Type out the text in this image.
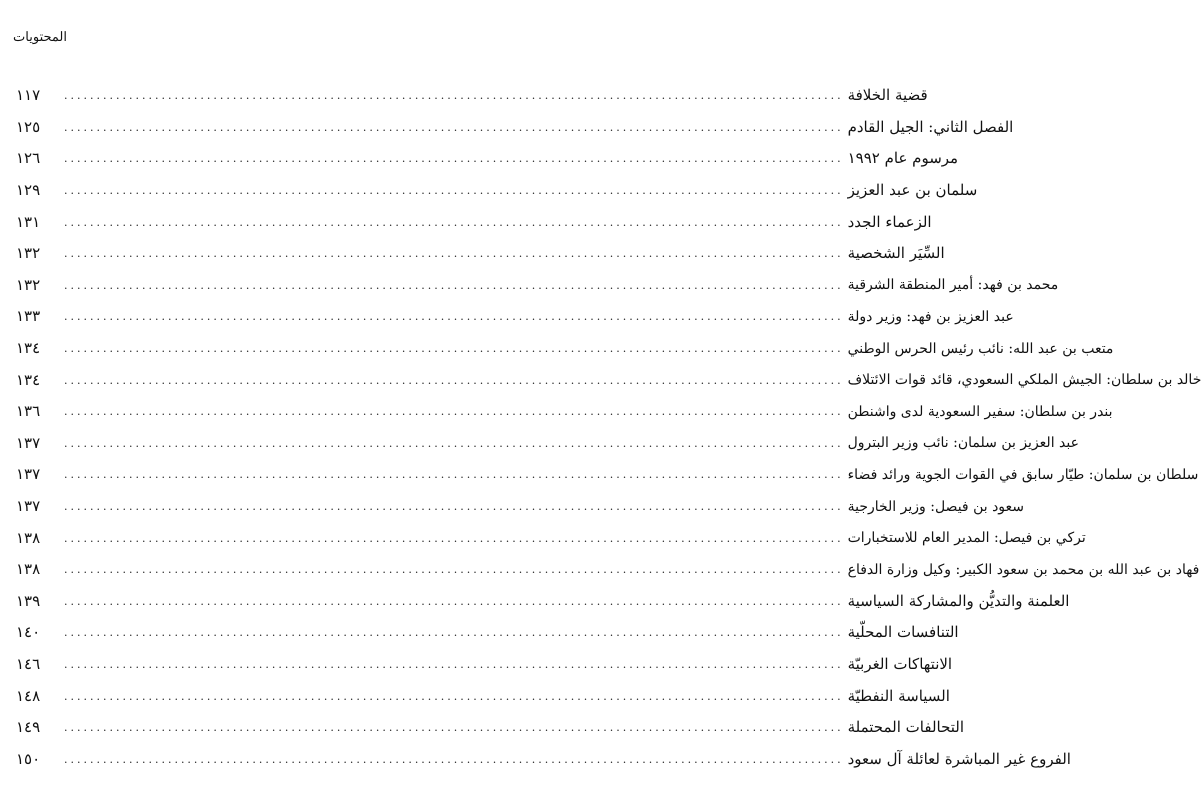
المحتويات
١١٧	........................................................................................................................ قضية الخلافة
١٢٥	........................................................................................................................ الفصل الثاني: الجيل القادم
١٢٦	........................................................................................................................ مرسوم عام ١٩٩٢
١٢٩	........................................................................................................................ سلمان بن عبد العزيز
١٣١	........................................................................................................................ الزعماء الجدد
١٣٢	........................................................................................................................ السِّيَر الشخصية
١٣٢	........................................................................................................................ محمد بن فهد: أمير المنطقة الشرقية
١٣٣	........................................................................................................................ عبد العزيز بن فهد: وزير دولة
١٣٤	........................................................................................................................ متعب بن عبد الله: نائب رئيس الحرس الوطني
١٣٤	........................................................................................................................ خالد بن سلطان: الجيش الملكي السعودي، قائد قوات الائتلاف
١٣٦	........................................................................................................................ بندر بن سلطان: سفير السعودية لدى واشنطن
١٣٧	........................................................................................................................ عبد العزيز بن سلمان: نائب وزير البترول
١٣٧	........................................................................................................................ سلطان بن سلمان: طيّار سابق في القوات الجوية ورائد فضاء
١٣٧	........................................................................................................................ سعود بن فيصل: وزير الخارجية
١٣٨	........................................................................................................................ تركي بن فيصل: المدير العام للاستخبارات
١٣٨	........................................................................................................................ فهاد بن عبد الله بن محمد بن سعود الكبير: وكيل وزارة الدفاع
١٣٩	........................................................................................................................ العلمنة والتديُّن والمشاركة السياسية
١٤٠	........................................................................................................................ التنافسات المحلّية
١٤٦	........................................................................................................................ الانتهاكات الغربيّة
١٤٨	........................................................................................................................ السياسة النفطيّة
١٤٩	........................................................................................................................ التحالفات المحتملة
١٥٠	........................................................................................................................ الفروع غير المباشرة لعائلة آل سعود
